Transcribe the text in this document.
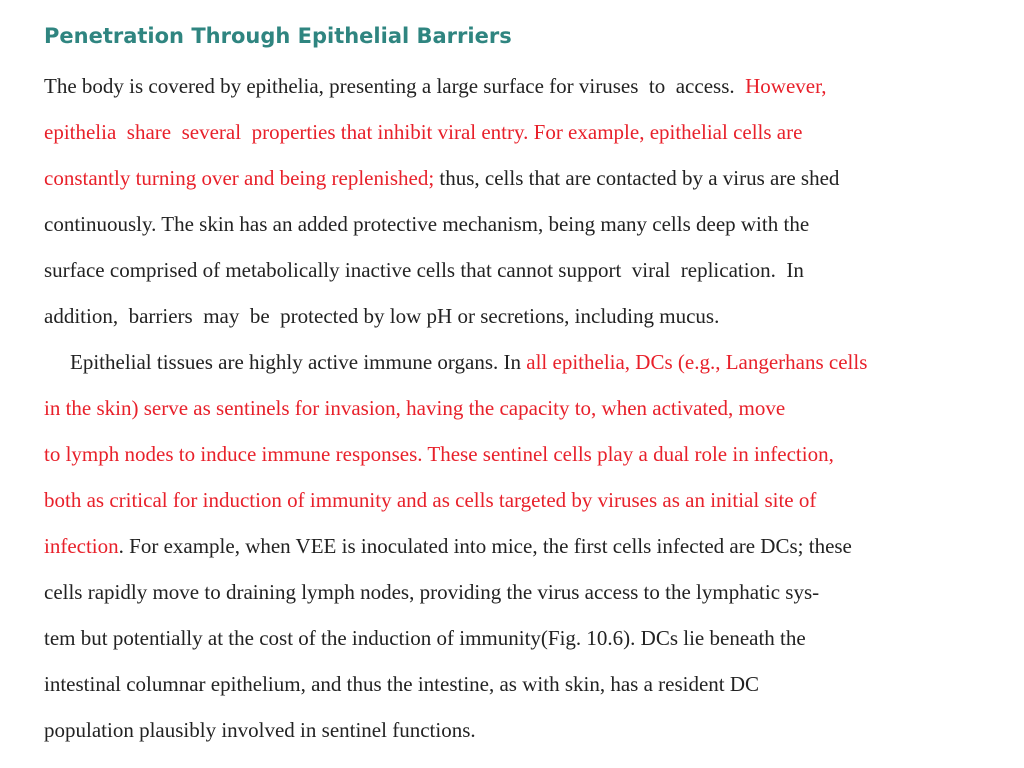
Penetration Through Epithelial Barriers

The body is covered by epithelia, presenting a large surface for viruses  to  access.  However,

epithelia  share  several  properties that inhibit viral entry. For example, epithelial cells are

constantly turning over and being replenished; thus, cells that are contacted by a virus are shed

continuously. The skin has an added protective mechanism, being many cells deep with the

surface comprised of metabolically inactive cells that cannot support  viral  replication.  In

addition,  barriers  may  be  protected by low pH or secretions, including mucus.

Epithelial tissues are highly active immune organs. In all epithelia, DCs (e.g., Langerhans cells

in the skin) serve as sentinels for invasion, having the capacity to, when activated, move

to lymph nodes to induce immune responses. These sentinel cells play a dual role in infection,

both as critical for induction of immunity and as cells targeted by viruses as an initial site of

infection. For example, when VEE is inoculated into mice, the first cells infected are DCs; these

cells rapidly move to draining lymph nodes, providing the virus access to the lymphatic sys-

tem but potentially at the cost of the induction of immunity(Fig. 10.6). DCs lie beneath the

intestinal columnar epithelium, and thus the intestine, as with skin, has a resident DC

population plausibly involved in sentinel functions.
